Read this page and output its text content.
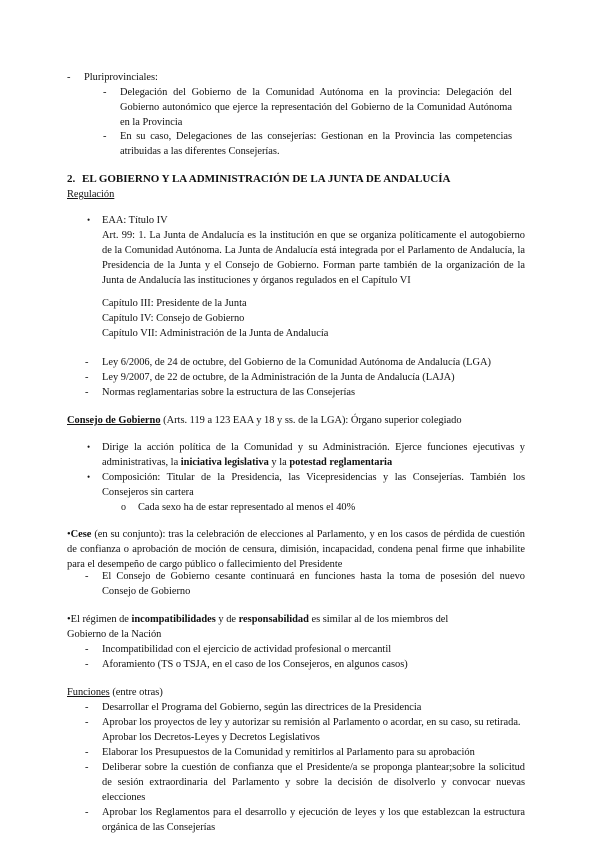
-	Pluriprovinciales:
-	Delegación del Gobierno de la Comunidad Autónoma en la provincia: Delegación del Gobierno autonómico que ejerce la representación del Gobierno de la Comunidad Autónoma en la Provincia

-	En su caso, Delegaciones de las consejerías: Gestionan en la Provincia las competencias atribuidas a las diferentes Consejerías.

2. EL GOBIERNO Y LA ADMINISTRACIÓN DE LA JUNTA DE ANDALUCÍA
Regulación
• EAA: Título IV

Art. 99: 1. La Junta de Andalucía es la institución en que se organiza políticamente el autogobierno de la Comunidad Autónoma. La Junta de Andalucía está integrada por el Parlamento de Andalucía, la Presidencia de la Junta y el Consejo de Gobierno. Forman parte también de la organización de la Junta de Andalucía las instituciones y órganos regulados en el Capítulo VI

Capítulo III: Presidente de la Junta

Capítulo IV: Consejo de Gobierno

Capítulo VII: Administración de la Junta de Andalucía

-	Ley 6/2006, de 24 de octubre, del Gobierno de la Comunidad Autónoma de Andalucía (LGA)
-	Ley 9/2007, de 22 de octubre, de la Administración de la Junta de Andalucía (LAJA)
-	Normas reglamentarias sobre la estructura de las Consejerías

Consejo de Gobierno (Arts. 119 a 123 EAA y 18 y ss. de la LGA): Órgano superior colegiado

• Dirige la acción política de la Comunidad y su Administración. Ejerce funciones ejecutivas y administrativas, la iniciativa legislativa y la potestad reglamentaria

• Composición: Titular de la Presidencia, las Vicepresidencias y las Consejerías. También los Consejeros sin cartera

o Cada sexo ha de estar representado al menos el 40%

•Cese (en su conjunto): tras la celebración de elecciones al Parlamento, y en los casos de pérdida de cuestión de confianza o aprobación de moción de censura, dimisión, incapacidad, condena penal firme que inhabilite para el desempeño de cargo público o fallecimiento del Presidente

-	El Consejo de Gobierno cesante continuará en funciones hasta la toma de posesión del nuevo Consejo de Gobierno

•El régimen de incompatibilidades y de responsabilidad es similar al de los miembros del

Gobierno de la Nación

-	Incompatibilidad con el ejercicio de actividad profesional o mercantil
-	Aforamiento (TS o TSJA, en el caso de los Consejeros, en algunos casos)

Funciones (entre otras)

-	Desarrollar el Programa del Gobierno, según las directrices de la Presidencia

-	Aprobar los proyectos de ley y autorizar su remisión al Parlamento o acordar, en su caso, su retirada. Aprobar los Decretos-Leyes y Decretos Legislativos

-	Elaborar los Presupuestos de la Comunidad y remitirlos al Parlamento para su aprobación

-	Deliberar sobre la cuestión de confianza que el Presidente/a se proponga plantear;sobre la solicitud de sesión extraordinaria del Parlamento y sobre la decisión de disolverlo y convocar nuevas elecciones

-	Aprobar los Reglamentos para el desarrollo y ejecución de leyes y los que establezcan la estructura orgánica de las Consejerías
